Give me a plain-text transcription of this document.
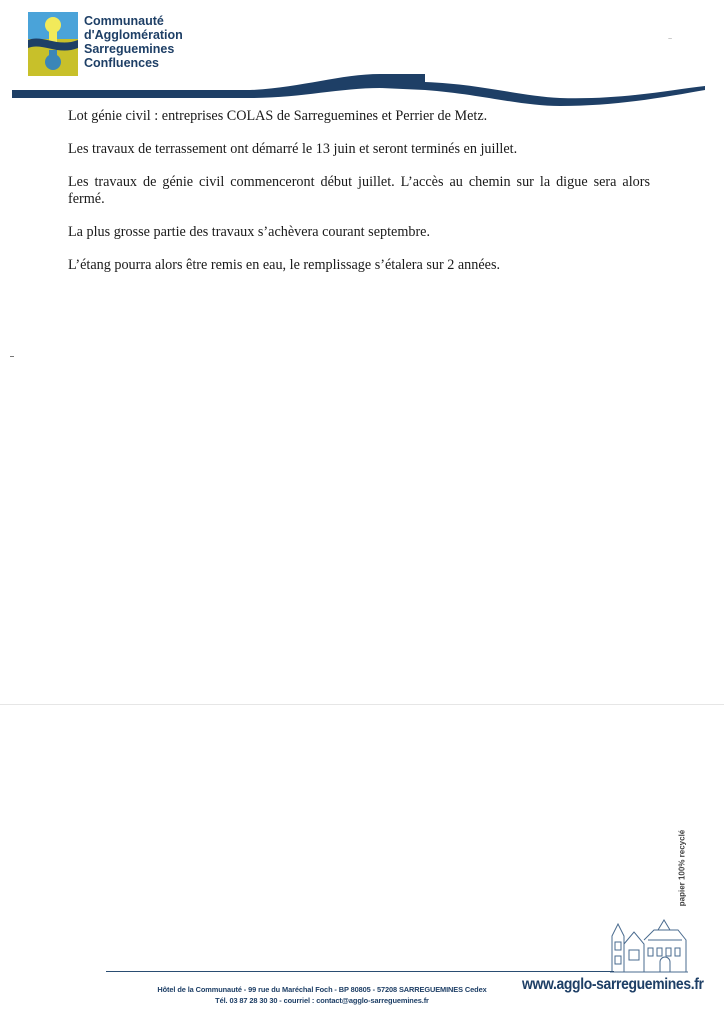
Communauté
d'Agglomération
Sarreguemines
Confluences
~

Lot génie civil : entreprises COLAS de Sarreguemines et Perrier de Metz.

Les travaux de terrassement ont démarré le 13 juin et seront terminés en juillet.

Les travaux de génie civil commenceront début juillet. L’accès au chemin sur la digue sera alors fermé.

La plus grosse partie des travaux s’achèvera courant septembre.

L’étang pourra alors être remis en eau, le remplissage s’étalera sur 2 années.

papier 100% recyclé
Hôtel de la Communauté - 99 rue du Maréchal Foch - BP 80805 - 57208 SARREGUEMINES Cedex
Tél. 03 87 28 30 30 - courriel : contact@agglo-sarreguemines.fr
www.agglo-sarreguemines.fr
